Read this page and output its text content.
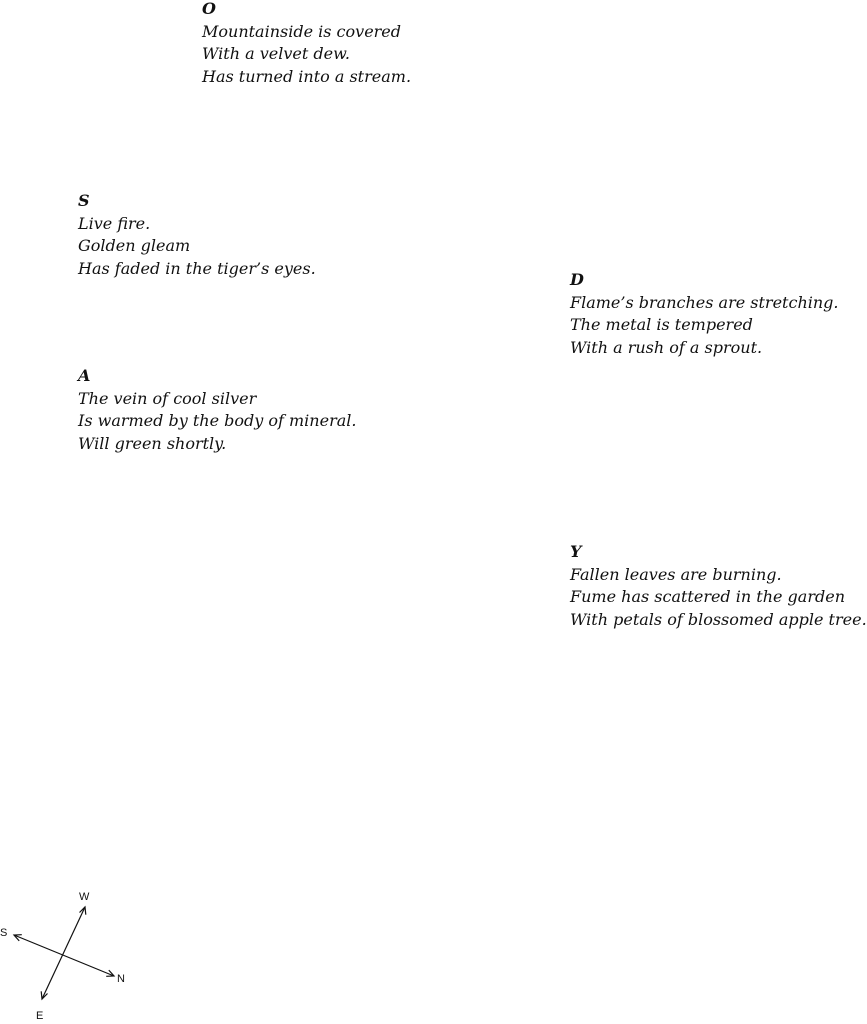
O
Mountainside is covered
With a velvet dew.
Has turned into a stream.
S
Live fire.
Golden gleam
Has faded in the tiger’s eyes.
D
Flame’s branches are stretching.
The metal is tempered
With a rush of a sprout.
A
The vein of cool silver
Is warmed by the body of mineral.
Will green shortly.
Y
Fallen leaves are burning.
Fume has scattered in the garden
With petals of blossomed apple tree.
W
S
N
E
